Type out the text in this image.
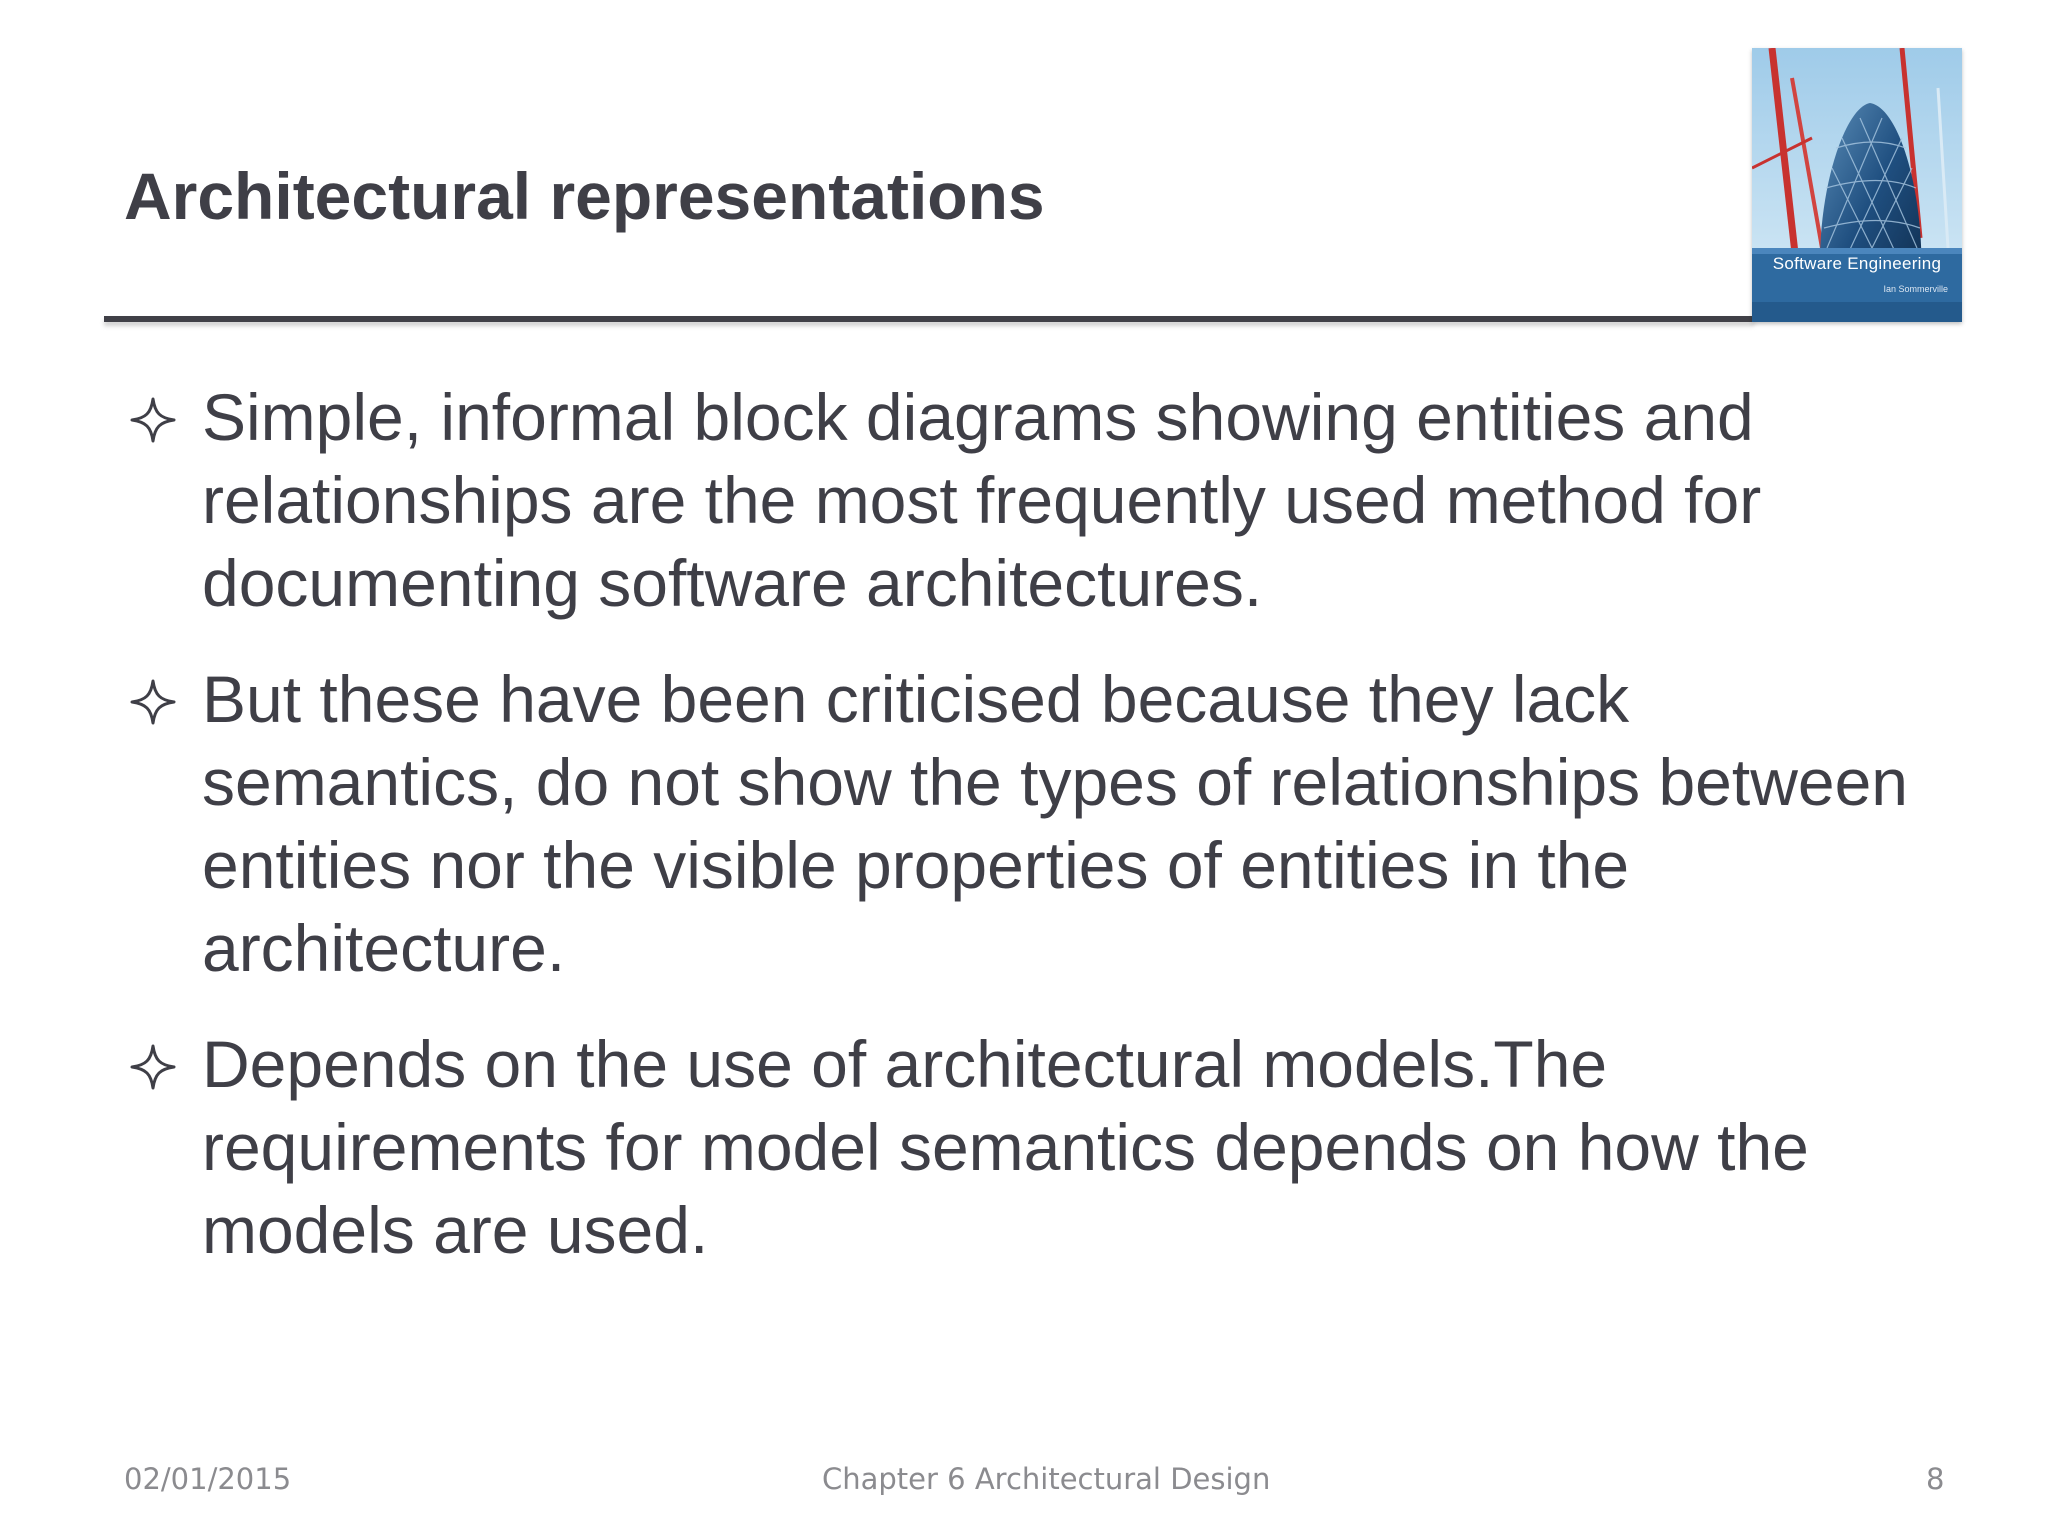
Architectural representations
Software Engineering
Ian Sommerville
Simple, informal block diagrams showing entities and relationships are the most frequently used method for documenting software architectures.
But these have been criticised because they lack semantics, do not show the types of relationships between entities nor the visible properties of entities in the architecture.
Depends on the use of architectural models.The requirements for model semantics depends on how the models are used.
02/01/2015	Chapter 6 Architectural Design	8
